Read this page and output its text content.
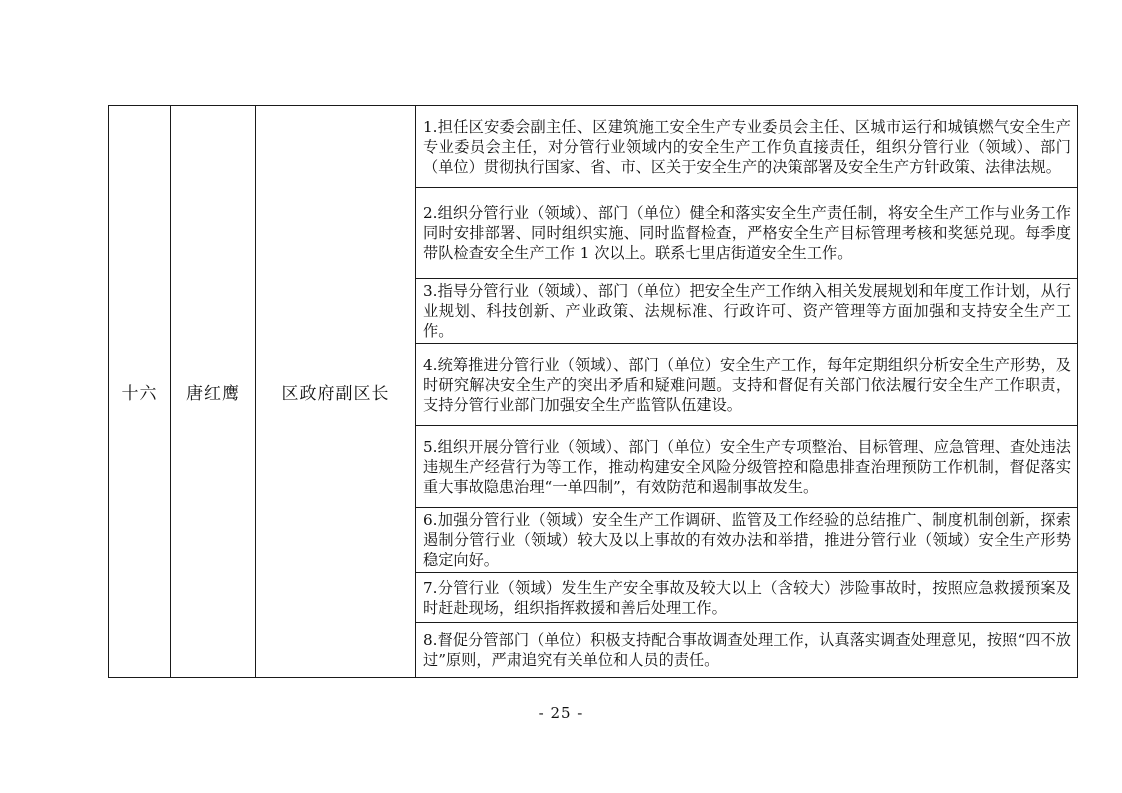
十六	唐红鹰	区政府副区长	1.担任区安委会副主任、区建筑施工安全生产专业委员会主任、区城市运行和城镇燃气安全生产专业委员会主任，对分管行业领域内的安全生产工作负直接责任，组织分管行业（领域）、部门（单位）贯彻执行国家、省、市、区关于安全生产的决策部署及安全生产方针政策、法律法规。
2.组织分管行业（领域）、部门（单位）健全和落实安全生产责任制，将安全生产工作与业务工作同时安排部署、同时组织实施、同时监督检查，严格安全生产目标管理考核和奖惩兑现。每季度带队检查安全生产工作 1 次以上。联系七里店街道安全生工作。
3.指导分管行业（领域）、部门（单位）把安全生产工作纳入相关发展规划和年度工作计划，从行业规划、科技创新、产业政策、法规标准、行政许可、资产管理等方面加强和支持安全生产工作。
4.统筹推进分管行业（领域）、部门（单位）安全生产工作，每年定期组织分析安全生产形势，及时研究解决安全生产的突出矛盾和疑难问题。支持和督促有关部门依法履行安全生产工作职责，支持分管行业部门加强安全生产监管队伍建设。
5.组织开展分管行业（领域）、部门（单位）安全生产专项整治、目标管理、应急管理、查处违法违规生产经营行为等工作，推动构建安全风险分级管控和隐患排查治理预防工作机制，督促落实重大事故隐患治理“一单四制”，有效防范和遏制事故发生。
6.加强分管行业（领域）安全生产工作调研、监管及工作经验的总结推广、制度机制创新，探索遏制分管行业（领域）较大及以上事故的有效办法和举措，推进分管行业（领域）安全生产形势稳定向好。
7.分管行业（领域）发生生产安全事故及较大以上（含较大）涉险事故时，按照应急救援预案及时赶赴现场，组织指挥救援和善后处理工作。
8.督促分管部门（单位）积极支持配合事故调查处理工作，认真落实调查处理意见，按照“四不放过”原则，严肃追究有关单位和人员的责任。
- 25 -
